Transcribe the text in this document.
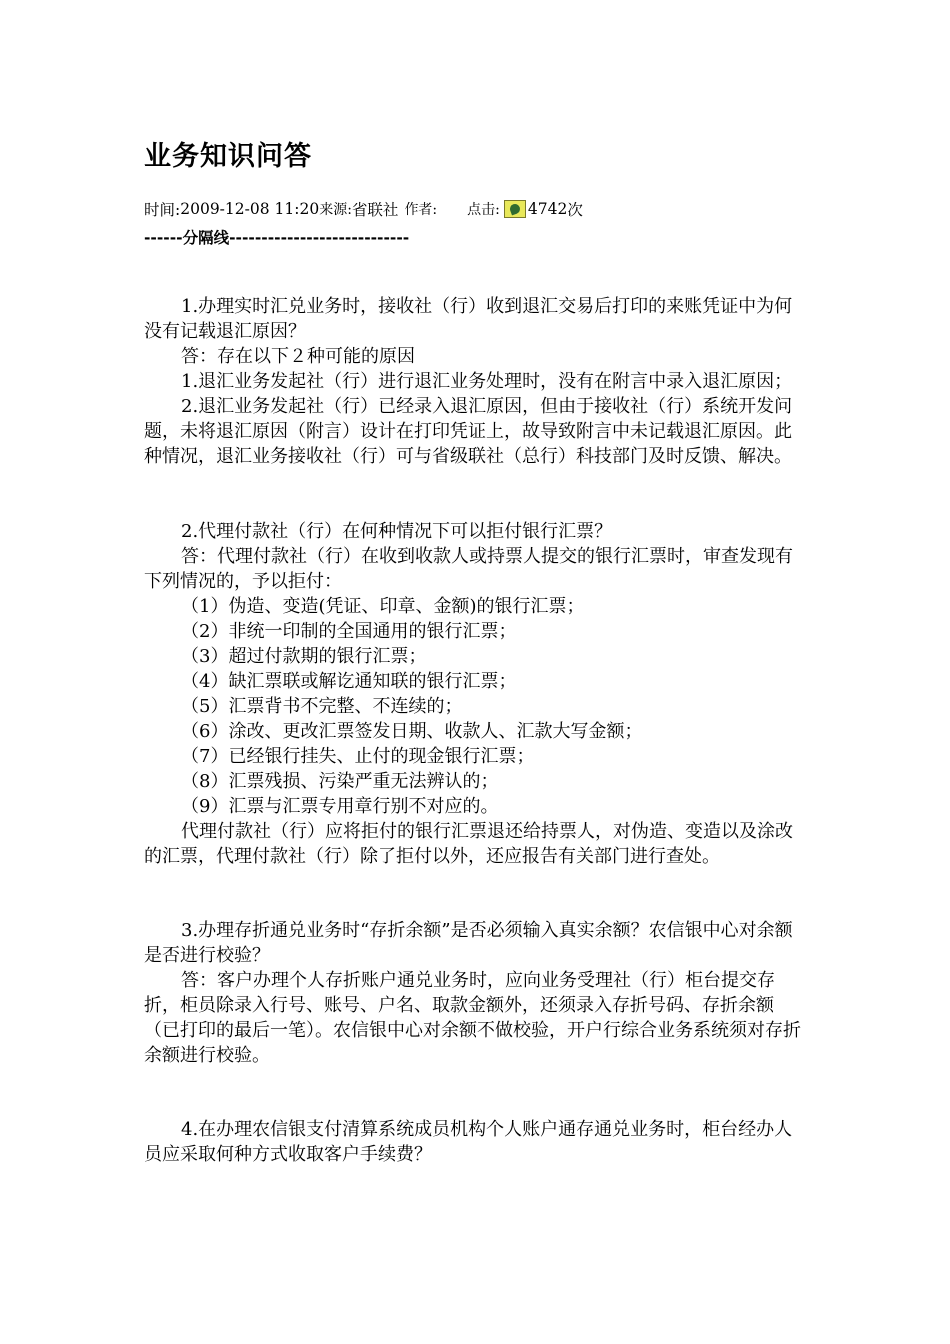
业务知识问答
时间: 2009-12-08 11:20 来源: 省联社 作者: 点击: 4742 次
------分隔线----------------------------

1.办理实时汇兑业务时，接收社（行）收到退汇交易后打印的来账凭证中为何没有记载退汇原因？

答：存在以下２种可能的原因

1.退汇业务发起社（行）进行退汇业务处理时，没有在附言中录入退汇原因；

2.退汇业务发起社（行）已经录入退汇原因，但由于接收社（行）系统开发问题，未将退汇原因（附言）设计在打印凭证上，故导致附言中未记载退汇原因。此种情况，退汇业务接收社（行）可与省级联社（总行）科技部门及时反馈、解决。

2.代理付款社（行）在何种情况下可以拒付银行汇票？

答：代理付款社（行）在收到收款人或持票人提交的银行汇票时，审查发现有下列情况的，予以拒付：

（1）伪造、变造(凭证、印章、金额)的银行汇票；

（2）非统一印制的全国通用的银行汇票；

（3）超过付款期的银行汇票；

（4）缺汇票联或解讫通知联的银行汇票；

（5）汇票背书不完整、不连续的；

（6）涂改、更改汇票签发日期、收款人、汇款大写金额；

（7）已经银行挂失、止付的现金银行汇票；

（8）汇票残损、污染严重无法辨认的；

（9）汇票与汇票专用章行别不对应的。

代理付款社（行）应将拒付的银行汇票退还给持票人，对伪造、变造以及涂改的汇票，代理付款社（行）除了拒付以外，还应报告有关部门进行查处。

3.办理存折通兑业务时“存折余额”是否必须输入真实余额？农信银中心对余额是否进行校验？

答：客户办理个人存折账户通兑业务时，应向业务受理社（行）柜台提交存折，柜员除录入行号、账号、户名、取款金额外，还须录入存折号码、存折余额（已打印的最后一笔）。农信银中心对余额不做校验，开户行综合业务系统须对存折余额进行校验。

4.在办理农信银支付清算系统成员机构个人账户通存通兑业务时，柜台经办人员应采取何种方式收取客户手续费？
